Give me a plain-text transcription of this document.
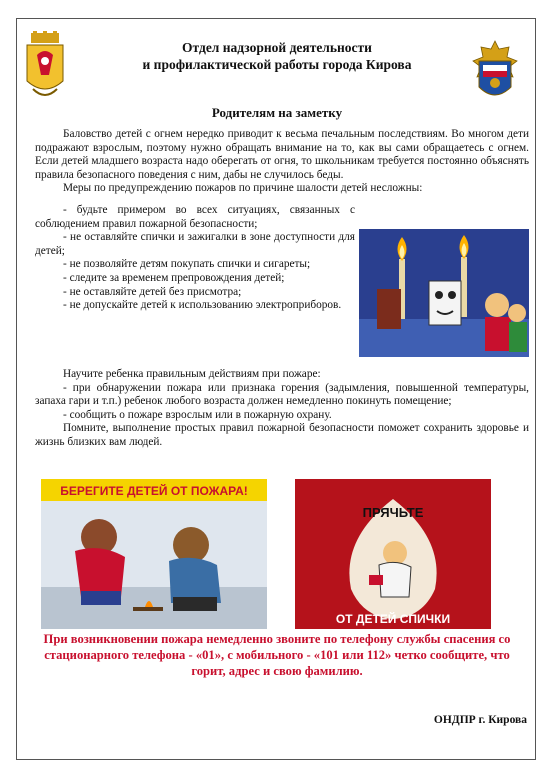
Отдел надзорной деятельности
и профилактической работы города Кирова
Родителям на заметку

Баловство детей с огнем нередко приводит к весьма печальным последствиям. Во многом дети подражают взрослым, поэтому нужно обращать внимание на то, как вы сами обращаетесь с огнем. Если детей младшего возраста надо оберегать от огня, то школьникам требуется постоянно объяснять правила безопасного поведения с ним, дабы не случилось беды.

Меры по предупреждению пожаров по причине шалости детей несложны:

- будьте примером во всех ситуациях, связанных с соблюдением правил пожарной безопасности;

- не оставляйте спички и зажигалки в зоне доступности для детей;

- не позволяйте детям покупать спички и сигареты;

- следите за временем препровождения детей;

- не оставляйте детей без присмотра;

- не допускайте детей к использованию электроприборов.

Научите ребенка правильным действиям при пожаре:

- при обнаружении пожара или признака горения (задымления, повышенной температуры, запаха гари и т.п.) ребенок любого возраста должен немедленно покинуть помещение;

- сообщить о пожаре взрослым или в пожарную охрану.

Помните, выполнение простых правил пожарной безопасности поможет сохранить здоровье и жизнь близких вам людей.

БЕРЕГИТЕ ДЕТЕЙ ОТ ПОЖАРА!
ПРЯЧЬТЕ
ОТ ДЕТЕЙ СПИЧКИ
При возникновении пожара немедленно звоните по телефону службы спасения со стационарного телефона - «01», с мобильного - «101 или 112» четко сообщите, что горит, адрес и свою фамилию.
ОНДПР г. Кирова
